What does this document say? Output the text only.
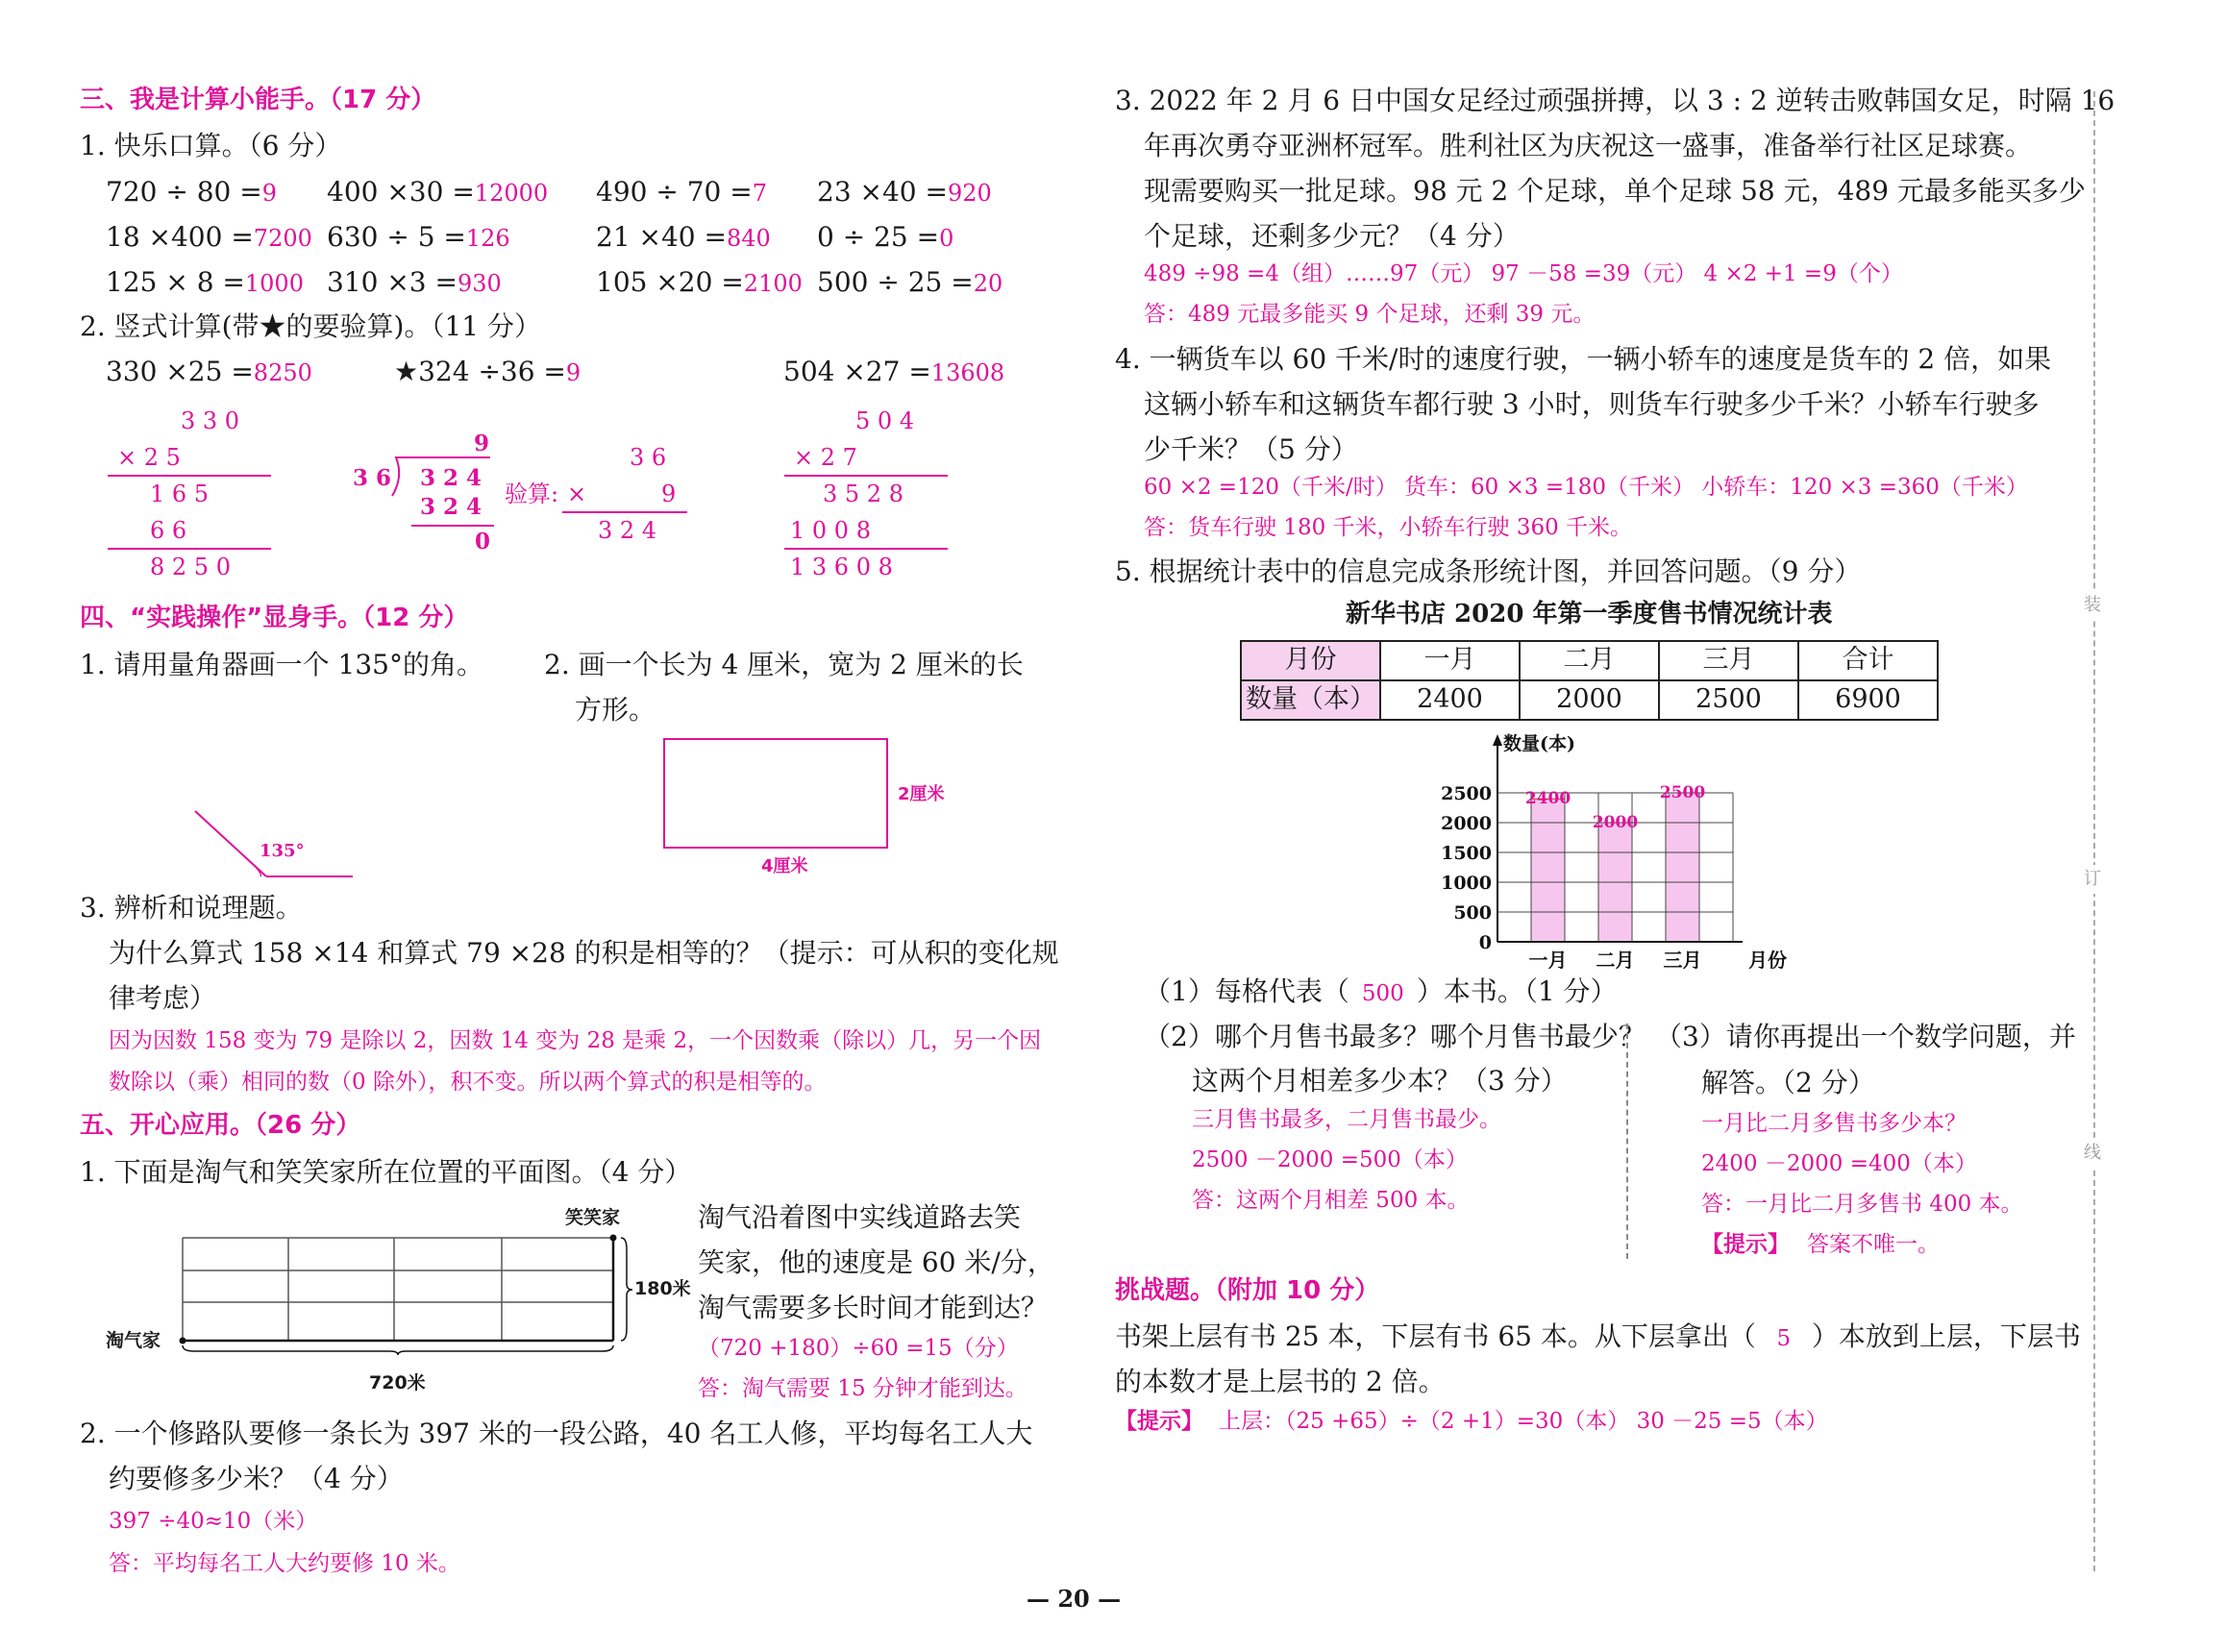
三、我是计算小能手。（17 分）
1. 快乐口算。（6 分）
720 ÷ 80 =9 400 ×30 =12000 490 ÷ 70 =7 23 ×40 =920
18 ×400 =7200 630 ÷ 5 =126	21 ×40 =840 0 ÷ 25 =0
125 × 8 =1000 310 ×3 =930	105 ×20 =2100 500 ÷ 25 =20
2. 竖式计算(带★的要验算)。（11 分）
330 ×25 =8250	★324 ÷36 =9	504 ×27 =13608
3 3 0
× 2 5
1 6 5
6 6
8 2 5 0
9
3 6 3 2 4
3 2 4
0
验算:
3 6
×	9
3 2 4
5 0 4
× 2 7
3 5 2 8
1 0 0 8
1 3 6 0 8
四、“实践操作”显身手。（12 分）
1. 请用量角器画一个 135°的角。 2. 画一个长为 4 厘米，宽为 2 厘米的长
方形。
135°
2厘米
4厘米
3. 辨析和说理题。
为什么算式 158 ×14 和算式 79 ×28 的积是相等的？（提示：可从积的变化规
律考虑）
因为因数 158 变为 79 是除以 2，因数 14 变为 28 是乘 2，一个因数乘（除以）几，另一个因
数除以（乘）相同的数（0 除外），积不变。所以两个算式的积是相等的。
五、开心应用。（26 分）
1. 下面是淘气和笑笑家所在位置的平面图。（4 分）
笑笑家
淘气家
180米
720米
淘气沿着图中实线道路去笑
笑家，他的速度是 60 米/分，
淘气需要多长时间才能到达？
（720 +180）÷60 =15（分）
答：淘气需要 15 分钟才能到达。
2. 一个修路队要修一条长为 397 米的一段公路，40 名工人修，平均每名工人大
约要修多少米？（4 分）
397 ÷40≈10（米）
答：平均每名工人大约要修 10 米。
3. 2022 年 2 月 6 日中国女足经过顽强拼搏，以 3 : 2 逆转击败韩国女足，时隔 16
年再次勇夺亚洲杯冠军。胜利社区为庆祝这一盛事，准备举行社区足球赛。
现需要购买一批足球。98 元 2 个足球，单个足球 58 元，489 元最多能买多少
个足球，还剩多少元？（4 分）
489 ÷98 =4（组）……97（元） 97 －58 =39（元） 4 ×2 +1 =9（个）
答：489 元最多能买 9 个足球，还剩 39 元。
4. 一辆货车以 60 千米/时的速度行驶，一辆小轿车的速度是货车的 2 倍，如果
这辆小轿车和这辆货车都行驶 3 小时，则货车行驶多少千米？小轿车行驶多
少千米？（5 分）
60 ×2 =120（千米/时） 货车：60 ×3 =180（千米） 小轿车：120 ×3 =360（千米）
答：货车行驶 180 千米，小轿车行驶 360 千米。
5. 根据统计表中的信息完成条形统计图，并回答问题。（9 分）
新华书店 2020 年第一季度售书情况统计表
月份	一月	二月	三月	合计
数量（本）	2400	2000	2500	6900
0
500
1000
1500
2000
2500
一月 二月 三月
2400
2000
2500
数量(本)
月份
（1）每格代表（ 500 ）本书。（1 分）
（2）哪个月售书最多？哪个月售书最少？
这两个月相差多少本？（3 分）
三月售书最多，二月售书最少。
2500 －2000 =500（本）
答：这两个月相差 500 本。
（3）请你再提出一个数学问题，并
解答。（2 分）
一月比二月多售书多少本？
2400 －2000 =400（本）
答：一月比二月多售书 400 本。
【提示】 答案不唯一。
挑战题。（附加 10 分）
书架上层有书 25 本，下层有书 65 本。从下层拿出（ 5 ）本放到上层，下层书
的本数才是上层书的 2 倍。
【提示】 上层：（25 +65）÷（2 +1）=30（本） 30 －25 =5（本）
装
订
线
— 20 —
